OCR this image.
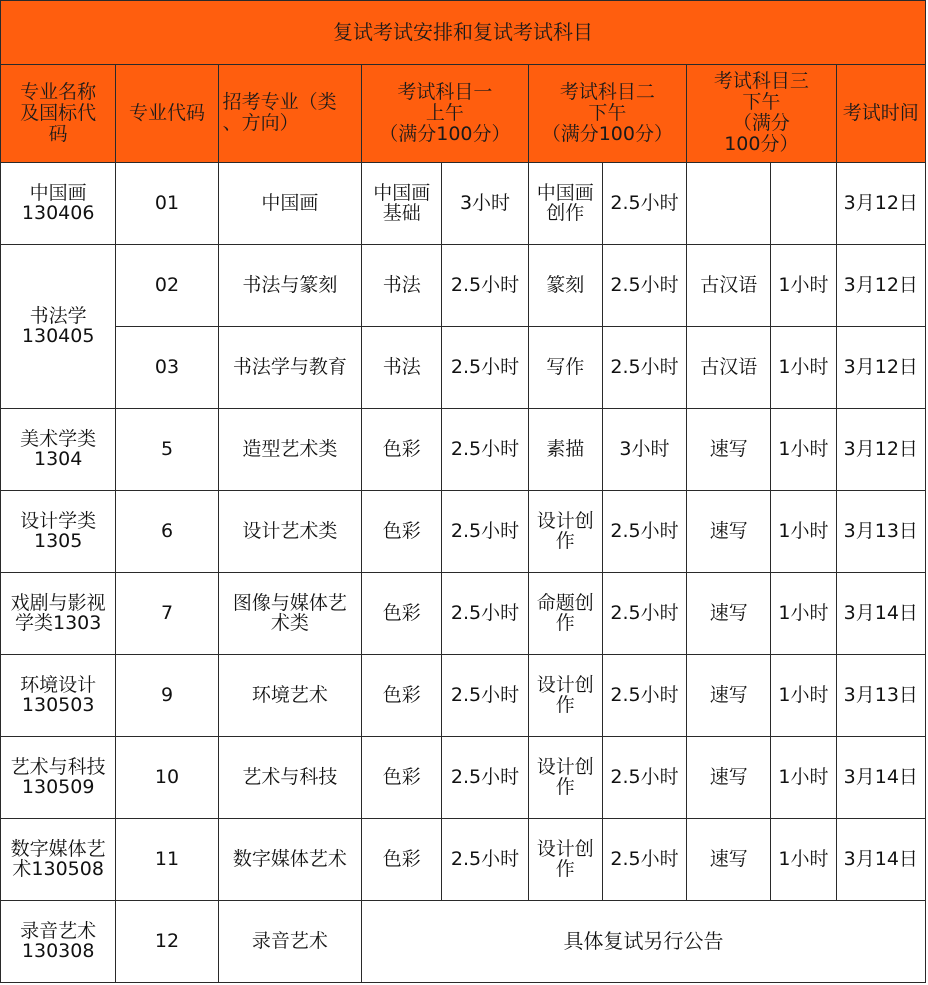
复试考试安排和复试考试科目									
专业名称
及国标代
码	专业代码	招考专业（类
、方向）	考试科目一
上午
（满分100分）		考试科目二
下午
（满分100分）		考试科目三
下午
（满分
100分）		考试时间
中国画
130406	01	中国画	中国画
基础	3小时	中国画
创作	2.5小时			3月12日
书法学
130405	02	书法与篆刻	书法	2.5小时	篆刻	2.5小时	古汉语	1小时	3月12日
	03	书法学与教育	书法	2.5小时	写作	2.5小时	古汉语	1小时	3月12日
美术学类
1304	5	造型艺术类	色彩	2.5小时	素描	3小时	速写	1小时	3月12日
设计学类
1305	6	设计艺术类	色彩	2.5小时	设计创
作	2.5小时	速写	1小时	3月13日
戏剧与影视
学类1303	7	图像与媒体艺
术类	色彩	2.5小时	命题创
作	2.5小时	速写	1小时	3月14日
环境设计
130503	9	环境艺术	色彩	2.5小时	设计创
作	2.5小时	速写	1小时	3月13日
艺术与科技
130509	10	艺术与科技	色彩	2.5小时	设计创
作	2.5小时	速写	1小时	3月14日
数字媒体艺
术130508	11	数字媒体艺术	色彩	2.5小时	设计创
作	2.5小时	速写	1小时	3月14日
录音艺术
130308	12	录音艺术	具体复试另行公告						
